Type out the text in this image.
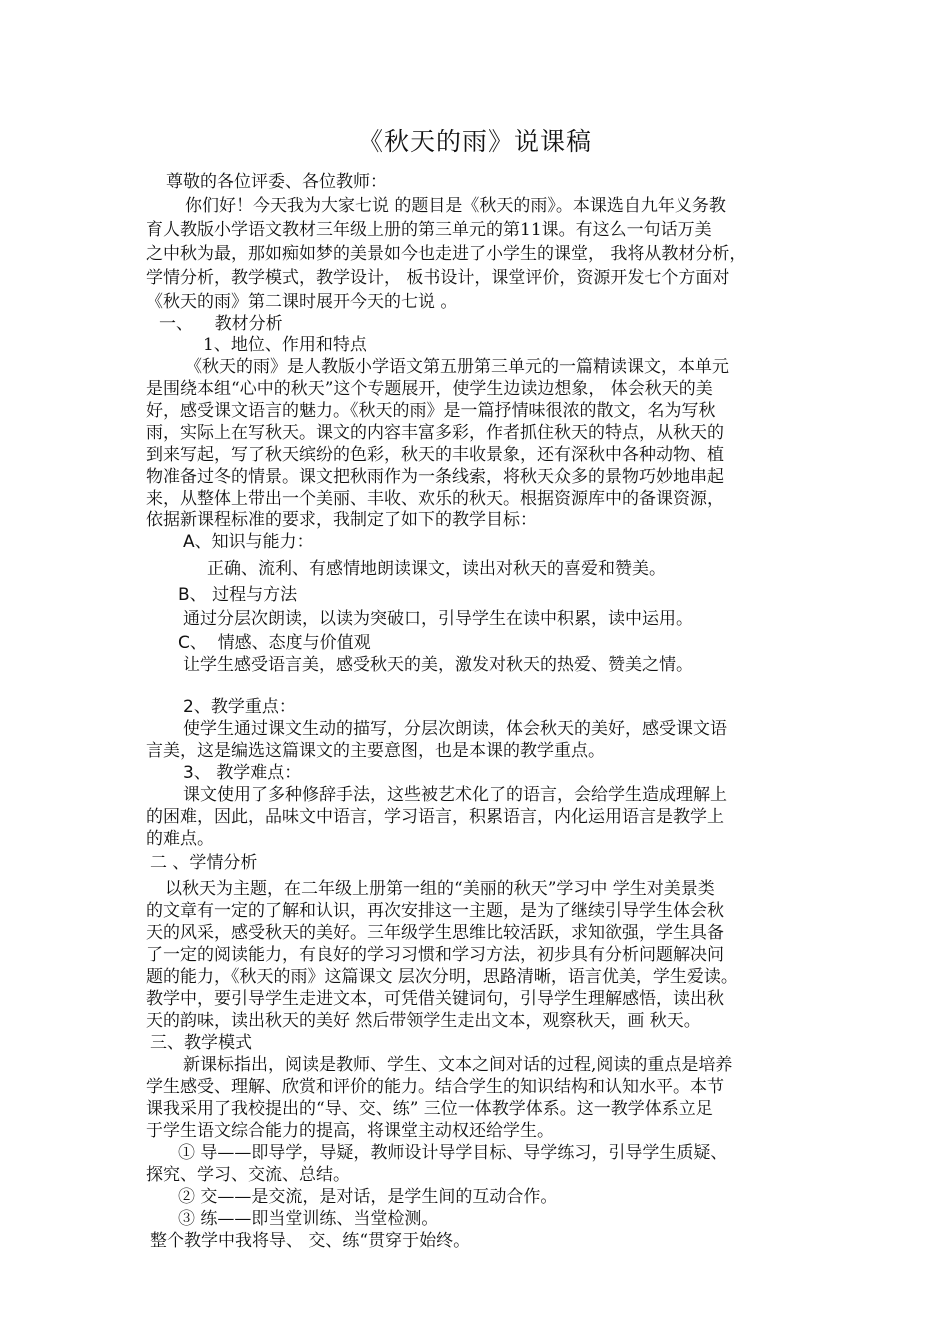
《秋天的雨》说课稿
尊敬的各位评委、各位教师：
你们好！今天我为大家七说 的题目是《秋天的雨》。本课选自九年义务教
育人教版小学语文教材三年级上册的第三单元的第11课。有这么一句话万美
之中秋为最，那如痴如梦的美景如今也走进了小学生的课堂， 我将从教材分析，
学情分析，教学模式，教学设计， 板书设计，课堂评价，资源开发七个方面对
《秋天的雨》第二课时展开今天的七说 。
一、    教材分析
1、地位、作用和特点
《秋天的雨》是人教版小学语文第五册第三单元的一篇精读课文，本单元
是围绕本组“心中的秋天”这个专题展开，使学生边读边想象， 体会秋天的美
好，感受课文语言的魅力。《秋天的雨》是一篇抒情味很浓的散文，名为写秋
雨，实际上在写秋天。课文的内容丰富多彩，作者抓住秋天的特点，从秋天的
到来写起，写了秋天缤纷的色彩，秋天的丰收景象，还有深秋中各种动物、植
物准备过冬的情景。课文把秋雨作为一条线索，将秋天众多的景物巧妙地串起
来，从整体上带出一个美丽、丰收、欢乐的秋天。根据资源库中的备课资源，
依据新课程标准的要求，我制定了如下的教学目标：
A、知识与能力：
正确、流利、有感情地朗读课文，读出对秋天的喜爱和赞美。
B、 过程与方法
通过分层次朗读，以读为突破口，引导学生在读中积累，读中运用。
C、  情感、态度与价值观
让学生感受语言美，感受秋天的美，激发对秋天的热爱、赞美之情。
2、教学重点：
使学生通过课文生动的描写，分层次朗读，体会秋天的美好，感受课文语
言美，这是编选这篇课文的主要意图，也是本课的教学重点。
3、 教学难点：
课文使用了多种修辞手法，这些被艺术化了的语言，会给学生造成理解上
的困难，因此，品味文中语言，学习语言，积累语言，内化运用语言是教学上
的难点。
二 、学情分析
以秋天为主题，在二年级上册第一组的“美丽的秋天”学习中 学生对美景类
的文章有一定的了解和认识，再次安排这一主题，是为了继续引导学生体会秋
天的风采，感受秋天的美好。三年级学生思维比较活跃，求知欲强，学生具备
了一定的阅读能力，有良好的学习习惯和学习方法，初步具有分析问题解决问
题的能力，《秋天的雨》这篇课文 层次分明，思路清晰，语言优美，学生爱读。
教学中，要引导学生走进文本，可凭借关键词句，引导学生理解感悟，读出秋
天的韵味，读出秋天的美好 然后带领学生走出文本，观察秋天，画 秋天。
三、教学模式
新课标指出，阅读是教师、学生、文本之间对话的过程,阅读的重点是培养
学生感受、理解、欣赏和评价的能力。结合学生的知识结构和认知水平。本节
课我采用了我校提出的“导、交、练” 三位一体教学体系。这一教学体系立足
于学生语文综合能力的提高，将课堂主动权还给学生。
① 导——即导学，导疑，教师设计导学目标、导学练习，引导学生质疑、
探究、学习、交流、总结。
② 交——是交流，是对话，是学生间的互动合作。
③ 练——即当堂训练、当堂检测。
整个教学中我将导、 交、练“贯穿于始终。
